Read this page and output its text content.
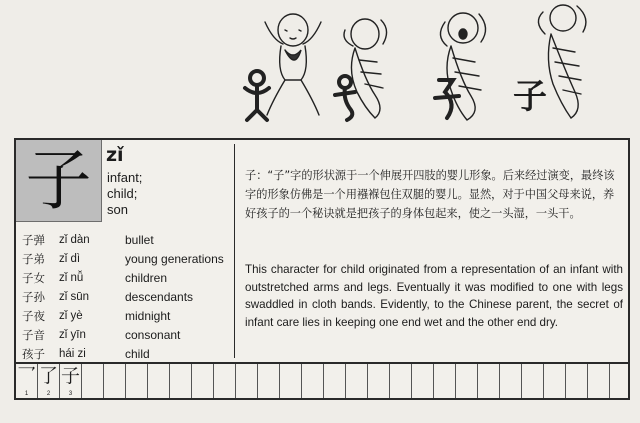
子
子 zǐ
infant;
child;
son
子弹	zǐ dàn	bullet
子弟	zǐ dì	young generations
子女	zǐ nǚ	children
子孙	zǐ sūn	descendants
子夜	zǐ yè	midnight
子音	zǐ yīn	consonant
孩子	hái zi	child

子：“子”字的形状源于一个伸展开四肢的婴儿形象。后来经过演变，最终该字的形象仿佛是一个用襁褓包住双腿的婴儿。显然，对于中国父母来说，养好孩子的一个秘诀就是把孩子的身体包起来，使之一头湿，一头干。

This character for child originated from a representation of an infant with outstretched arms and legs. Eventually it was modified to one with legs swaddled in cloth bands. Evidently, to the Chinese parent, the secret of infant care lies in keeping one end wet and the other end dry.

乛
1
了
2
子
3
